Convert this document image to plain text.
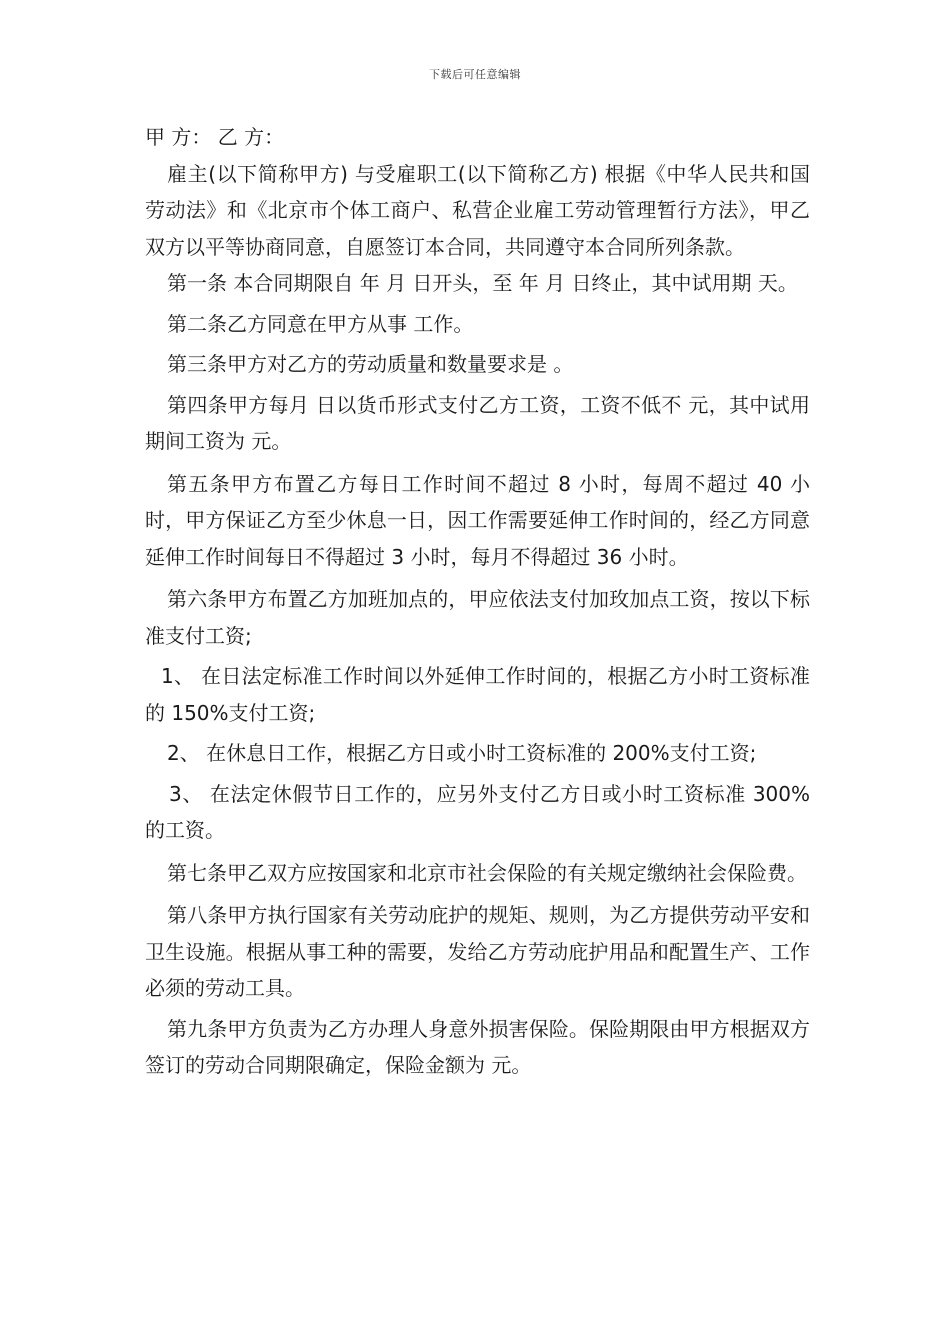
下载后可任意编辑

甲 方： 乙 方：

雇主(以下简称甲方) 与受雇职工(以下简称乙方) 根据《中华人民共和国劳动法》和《北京市个体工商户、私营企业雇工劳动管理暂行方法》，甲乙双方以平等协商同意，自愿签订本合同，共同遵守本合同所列条款。

第一条 本合同期限自 年 月 日开头，至 年 月 日终止，其中试用期 天。

第二条乙方同意在甲方从事 工作。

第三条甲方对乙方的劳动质量和数量要求是 。

第四条甲方每月 日以货币形式支付乙方工资，工资不低不 元，其中试用期间工资为 元。

第五条甲方布置乙方每日工作时间不超过 8 小时，每周不超过 40 小时，甲方保证乙方至少休息一日，因工作需要延伸工作时间的，经乙方同意延伸工作时间每日不得超过 3 小时，每月不得超过 36 小时。

第六条甲方布置乙方加班加点的，甲应依法支付加玫加点工资，按以下标准支付工资;

1、 在日法定标准工作时间以外延伸工作时间的，根据乙方小时工资标准的 150%支付工资;

2、 在休息日工作，根据乙方日或小时工资标准的 200%支付工资;

3、 在法定休假节日工作的，应另外支付乙方日或小时工资标准 300%的工资。

第七条甲乙双方应按国家和北京市社会保险的有关规定缴纳社会保险费。

第八条甲方执行国家有关劳动庇护的规矩、规则，为乙方提供劳动平安和卫生设施。根据从事工种的需要，发给乙方劳动庇护用品和配置生产、工作必须的劳动工具。

第九条甲方负责为乙方办理人身意外损害保险。保险期限由甲方根据双方签订的劳动合同期限确定，保险金额为 元。
